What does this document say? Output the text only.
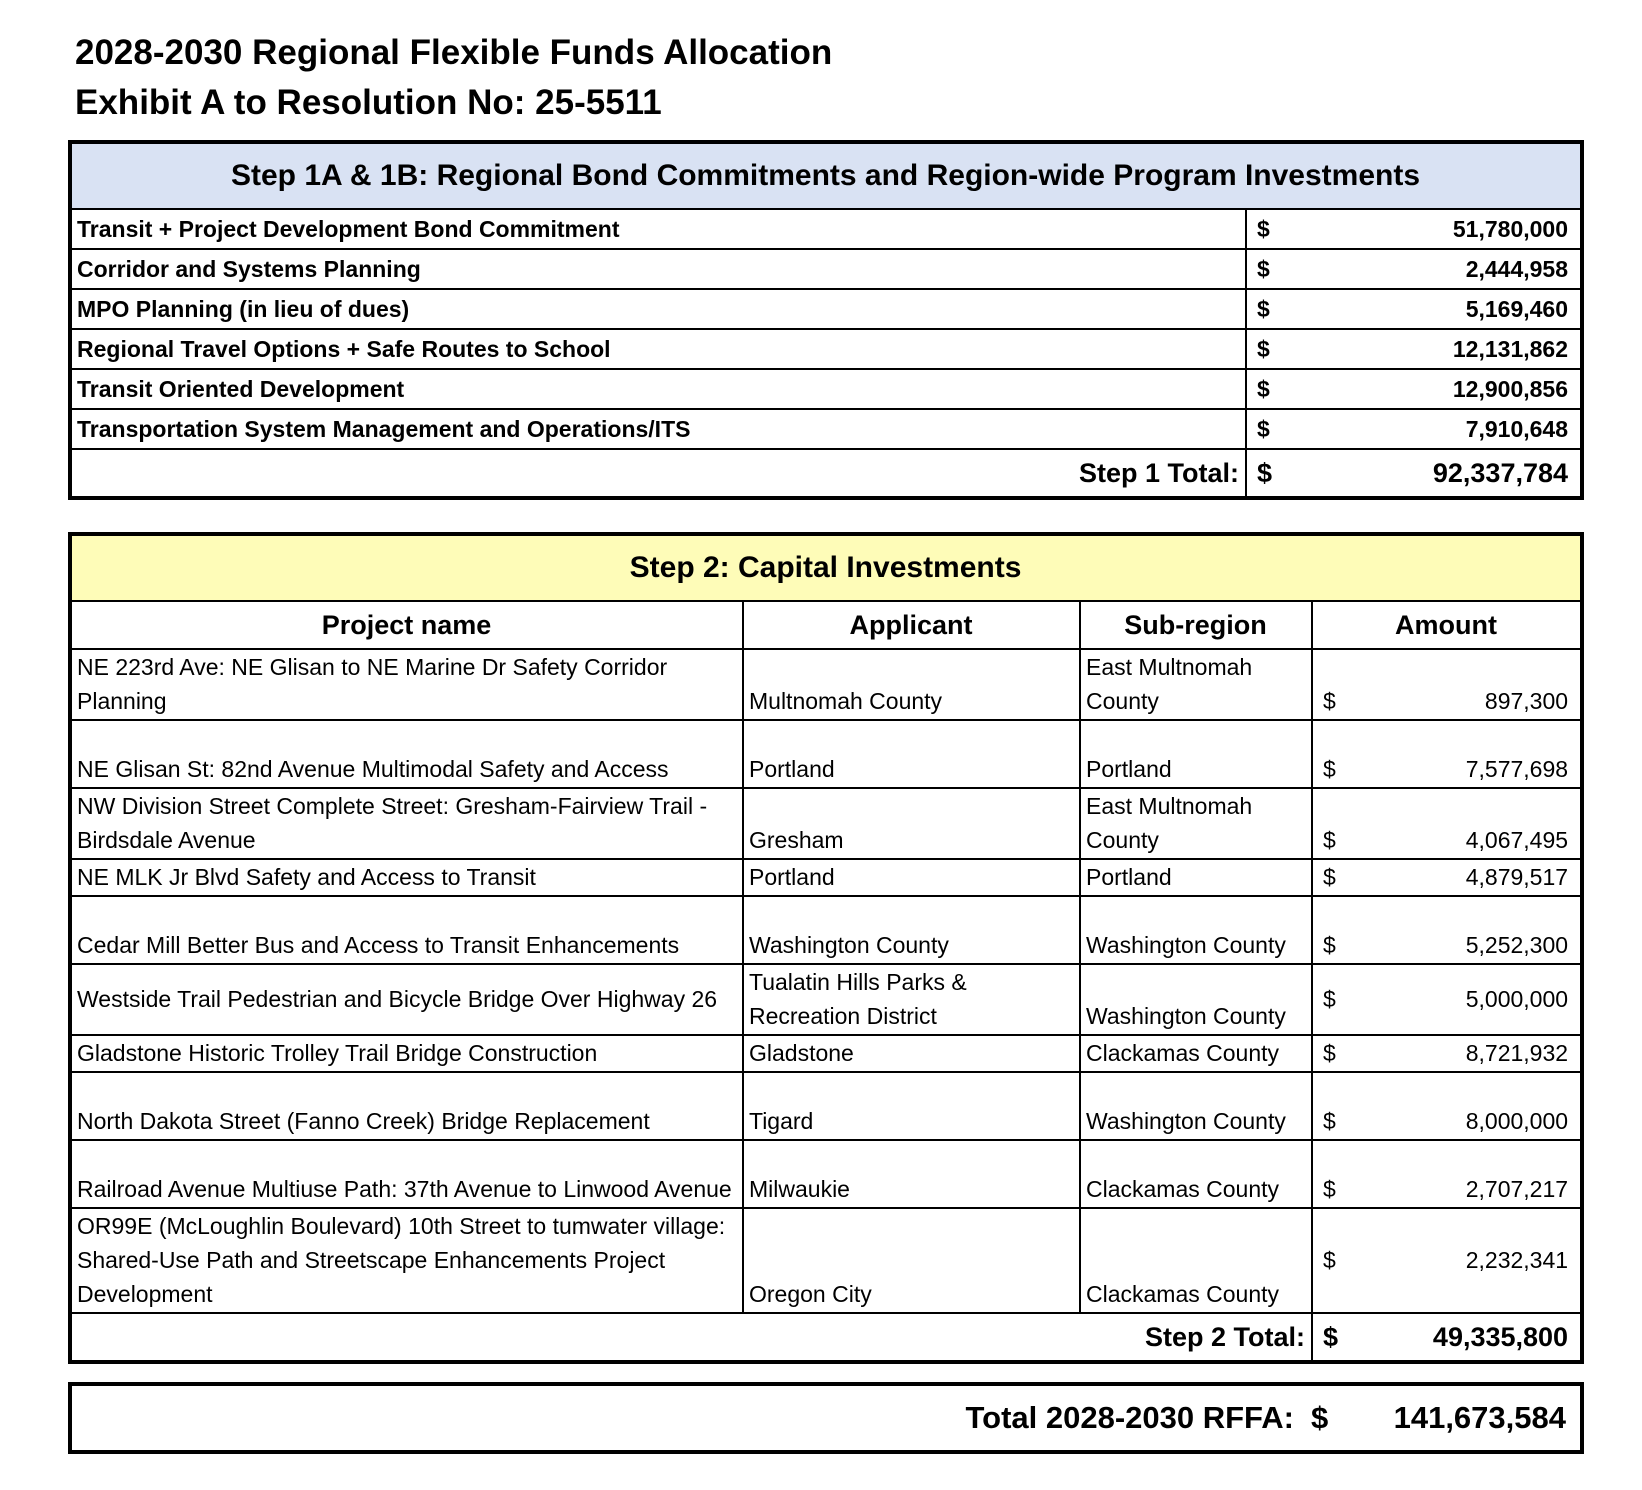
2028-2030 Regional Flexible Funds Allocation
Exhibit A to Resolution No: 25-5511
Step 1A & 1B: Regional Bond Commitments and Region-wide Program Investments		
Transit + Project Development Bond Commitment	$	51,780,000
Corridor and Systems Planning	$	2,444,958
MPO Planning (in lieu of dues)	$	5,169,460
Regional Travel Options + Safe Routes to School	$	12,131,862
Transit Oriented Development	$	12,900,856
Transportation System Management and Operations/ITS	$	7,910,648
Step 1 Total:	$	92,337,784
Step 2: Capital Investments				
Project name	Applicant	Sub-region	Amount	
NE 223rd Ave: NE Glisan to NE Marine Dr Safety Corridor Planning	Multnomah County	East Multnomah County	$	897,300
NE Glisan St: 82nd Avenue Multimodal Safety and Access	Portland	Portland	$	7,577,698
NW Division Street Complete Street: Gresham-Fairview Trail - Birdsdale Avenue	Gresham	East Multnomah County	$	4,067,495
NE MLK Jr Blvd Safety and Access to Transit	Portland	Portland	$	4,879,517
Cedar Mill Better Bus and Access to Transit Enhancements	Washington County	Washington County	$	5,252,300
Westside Trail Pedestrian and Bicycle Bridge Over Highway 26	Tualatin Hills Parks & Recreation District	Washington County	$	5,000,000
Gladstone Historic Trolley Trail Bridge Construction	Gladstone	Clackamas County	$	8,721,932
North Dakota Street (Fanno Creek) Bridge Replacement	Tigard	Washington County	$	8,000,000
Railroad Avenue Multiuse Path: 37th Avenue to Linwood Avenue	Milwaukie	Clackamas County	$	2,707,217
OR99E (McLoughlin Boulevard) 10th Street to tumwater village: Shared-Use Path and Streetscape Enhancements Project Development	Oregon City	Clackamas County	$	2,232,341
Step 2 Total:			$	49,335,800
Total 2028-2030 RFFA:	$	141,673,584
